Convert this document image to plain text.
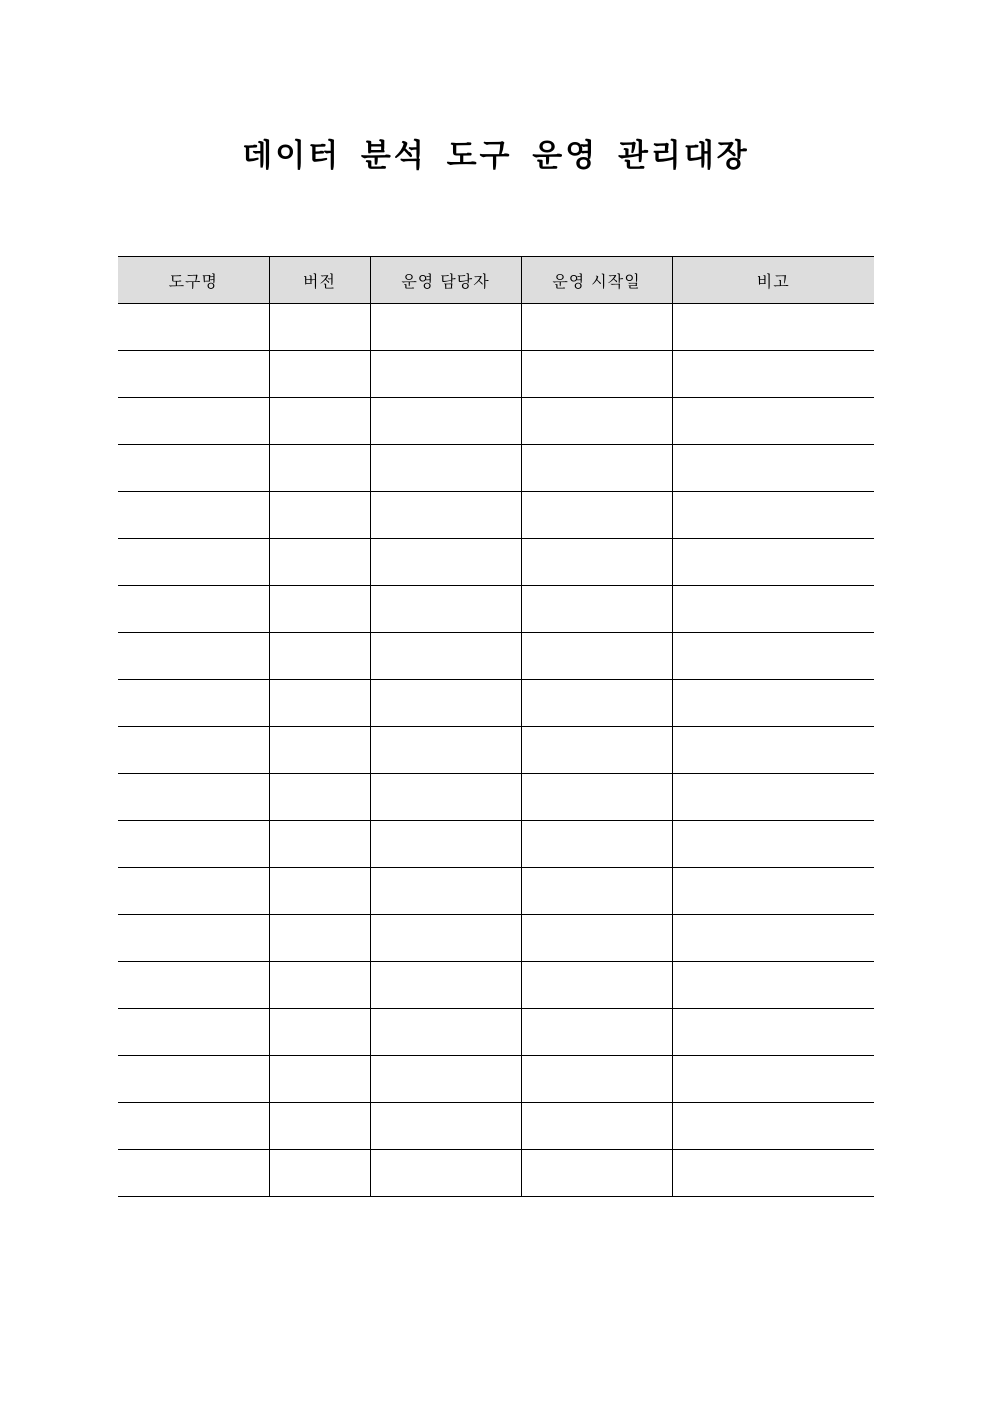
데이터 분석 도구 운영 관리대장
도구명	버전	운영 담당자	운영 시작일	비고
